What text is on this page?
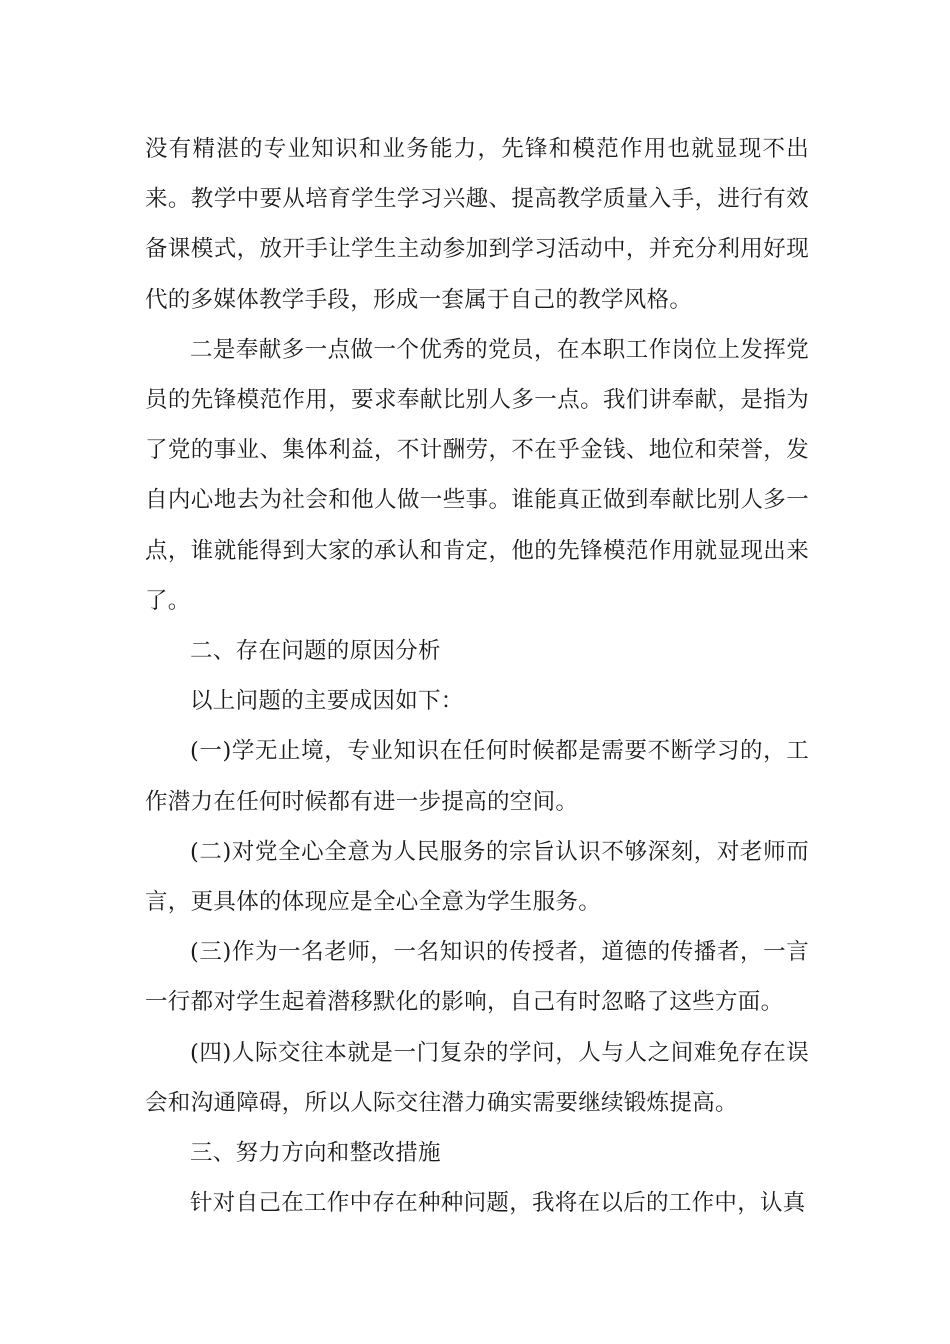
没有精湛的专业知识和业务能力，先锋和模范作用也就显现不出来。教学中要从培育学生学习兴趣、提高教学质量入手，进行有效备课模式，放开手让学生主动参加到学习活动中，并充分利用好现代的多媒体教学手段，形成一套属于自己的教学风格。

二是奉献多一点做一个优秀的党员，在本职工作岗位上发挥党员的先锋模范作用，要求奉献比别人多一点。我们讲奉献，是指为了党的事业、集体利益，不计酬劳，不在乎金钱、地位和荣誉，发自内心地去为社会和他人做一些事。谁能真正做到奉献比别人多一点，谁就能得到大家的承认和肯定，他的先锋模范作用就显现出来了。

二、存在问题的原因分析

以上问题的主要成因如下：

(一)学无止境，专业知识在任何时候都是需要不断学习的，工作潜力在任何时候都有进一步提高的空间。

(二)对党全心全意为人民服务的宗旨认识不够深刻，对老师而言，更具体的体现应是全心全意为学生服务。

(三)作为一名老师，一名知识的传授者，道德的传播者，一言一行都对学生起着潜移默化的影响，自己有时忽略了这些方面。

(四)人际交往本就是一门复杂的学问，人与人之间难免存在误会和沟通障碍，所以人际交往潜力确实需要继续锻炼提高。

三、努力方向和整改措施

针对自己在工作中存在种种问题，我将在以后的工作中，认真
